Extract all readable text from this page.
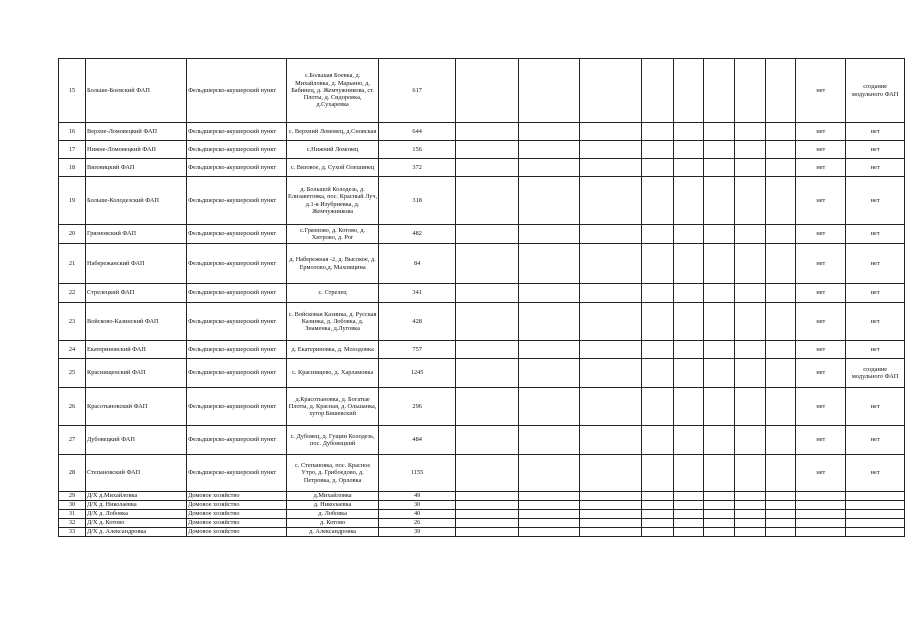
15	Больше-Боевский ФАП	Фельдшерско-акушерский пункт	с.Большая Боевка, д. Михайловка, д. Марьино, д. Бабинец, д. Жемчужникова, ст. Плоты, д. Сидоровка, д.Сухаревка	617									нет	создание модульного ФАП
16	Верхне-Ломовецкий ФАП	Фельдшерско-акушерский пункт	с. Верхний Ломовец, д.Сновская	644									нет	нет
17	Нижне-Ломовецкий ФАП	Фельдшерско-акушерский пункт	с.Нижний Ломовец	156									нет	нет
18	Вязовицкий ФАП	Фельдшерско-акушерский пункт	с. Вязовое, д. Сухой Олешинец	372									нет	нет
19	Больше-Колодезский ФАП	Фельдшерско-акушерский пункт	д. Большой Колодезь, д. Елизаветовка, пос. Красный Луч, д.1-я Изубриевка, д. Жемчужникова	318									нет	нет
20	Грязновский ФАП	Фельдшерско-акушерский пункт	с.Грязново, д. Котово, д. Хитрово, д. Рог	482									нет	нет
21	Набережанский ФАП	Фельдшерско-акушерский пункт	д. Набережная -2, д. Высокое, д. Ермолово,д. Маховщина	84									нет	нет
22	Стрелецкий ФАП	Фельдшерско-акушерский пункт	с. Стрелец	341									нет	нет
23	Войсково-Казинский ФАП	Фельдшерско-акушерский пункт	с. Войсковая Казинка, д. Русская Казинка, д. Лобовка, д. Знаменка, д.Луговка	428									нет	нет
24	Екатериновский ФАП	Фельдшерско-акушерский пункт	д. Екатериновка, д. Молодовка	757									нет	нет
25	Краснищенский ФАП	Фельдшерско-акушерский пункт	с. Краснищево, д. Харламовка	1245									нет	создание модульного ФАП
26	Красотыновский ФАП	Фельдшерско-акушерский пункт	д.Красотыновка, д. Богатые Плоты, д. Красная, д. Ольшанка, хутор Бишевский	296									нет	нет
27	Дубовецкий ФАП	Фельдшерско-акушерский пункт	с. Дубовец, д. Гущин Колодезь, пос. Дубовецкий	484									нет	нет
28	Степановский ФАП	Фельдшерско-акушерский пункт	с. Степановка, пос. Красное Утро, д. Грибоедово, д. Петровка, д. Орловка	1155									нет	нет
29	Д/Х д.Михайловка	Домовое хозяйство	д.Михайловка	49										
30	Д/Х д. Николаевка	Домовое хозяйство	д. Николаевка	30										
31	Д/Х д. Лобовка	Домовое хозяйство	д. Лобовка	40										
32	Д/Х д. Котово	Домовое хозяйство	д. Котово	26										
33	Д/Х д. Александровка	Домовое хозяйство	д. Александровка	39										
